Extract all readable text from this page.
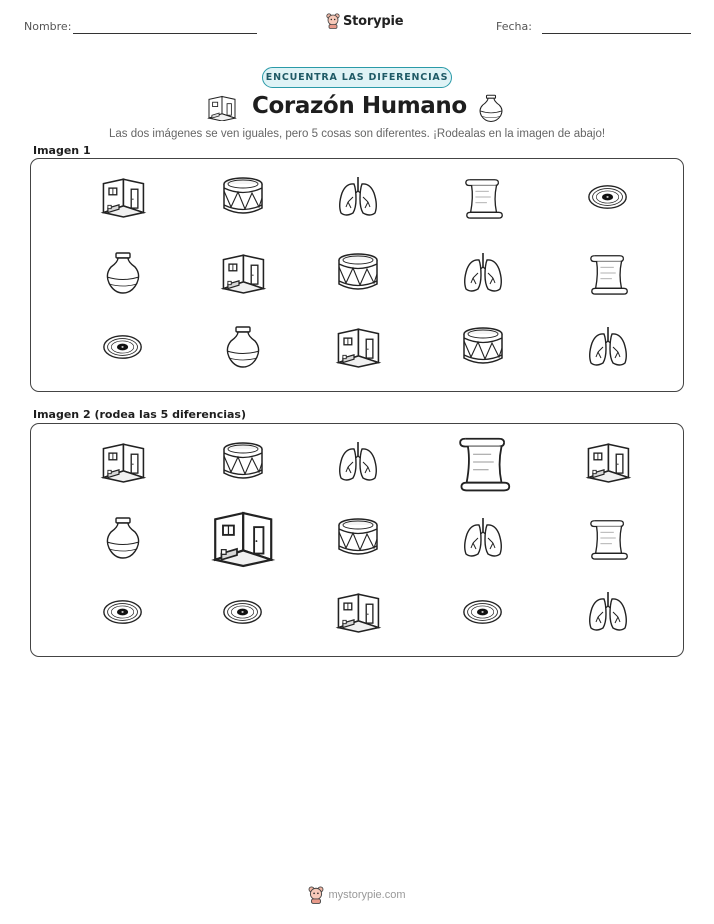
Nombre:	Storypie	Fecha:
ENCUENTRA LAS DIFERENCIAS
Corazón Humano
Las dos imágenes se ven iguales, pero 5 cosas son diferentes. ¡Rodealas en la imagen de abajo!
Imagen 1
Imagen 2 (rodea las 5 diferencias)
mystorypie.com
